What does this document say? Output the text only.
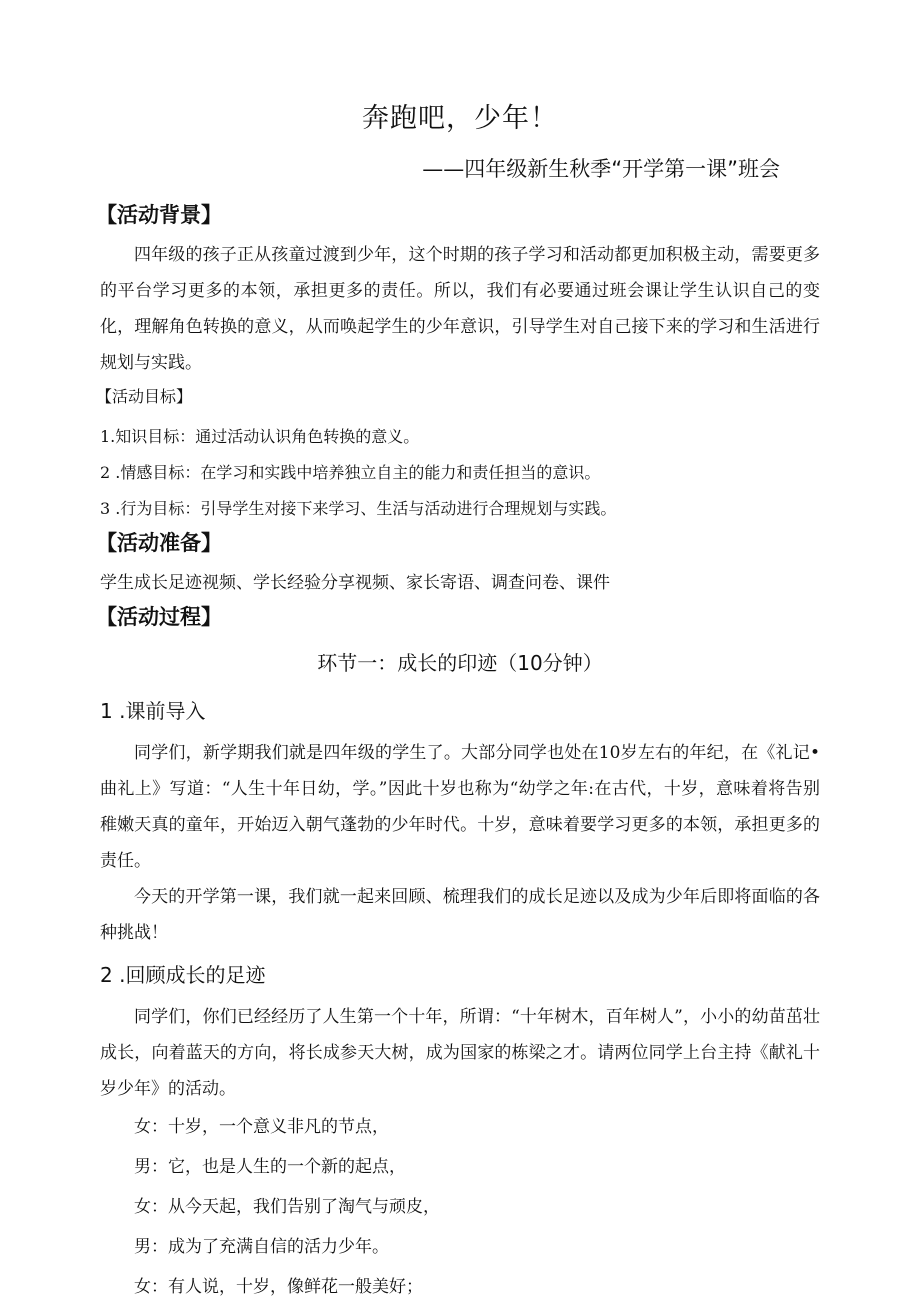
奔跑吧，少年！
——四年级新生秋季“开学第一课”班会
【活动背景】

四年级的孩子正从孩童过渡到少年，这个时期的孩子学习和活动都更加积极主动，需要更多的平台学习更多的本领，承担更多的责任。所以，我们有必要通过班会课让学生认识自己的变化，理解角色转换的意义，从而唤起学生的少年意识，引导学生对自己接下来的学习和生活进行规划与实践。

【活动目标】

1.知识目标：通过活动认识角色转换的意义。

2 .情感目标：在学习和实践中培养独立自主的能力和责任担当的意识。

3 .行为目标：引导学生对接下来学习、生活与活动进行合理规划与实践。

【活动准备】

学生成长足迹视频、学长经验分享视频、家长寄语、调查问卷、课件

【活动过程】
环节一：成长的印迹（10分钟）
1 .课前导入

同学们，新学期我们就是四年级的学生了。大部分同学也处在10岁左右的年纪，在《礼记•曲礼上》写道：“人生十年日幼，学。”因此十岁也称为“幼学之年:在古代，十岁，意味着将告别稚嫩天真的童年，开始迈入朝气蓬勃的少年时代。十岁，意味着要学习更多的本领，承担更多的责任。

今天的开学第一课，我们就一起来回顾、梳理我们的成长足迹以及成为少年后即将面临的各种挑战！

2 .回顾成长的足迹

同学们，你们已经经历了人生第一个十年，所谓：“十年树木，百年树人”，小小的幼苗茁壮成长，向着蓝天的方向，将长成参天大树，成为国家的栋梁之才。请两位同学上台主持《献礼十岁少年》的活动。

女：十岁，一个意义非凡的节点，

男：它，也是人生的一个新的起点，

女：从今天起，我们告别了淘气与顽皮，

男：成为了充满自信的活力少年。

女：有人说，十岁，像鲜花一般美好；
